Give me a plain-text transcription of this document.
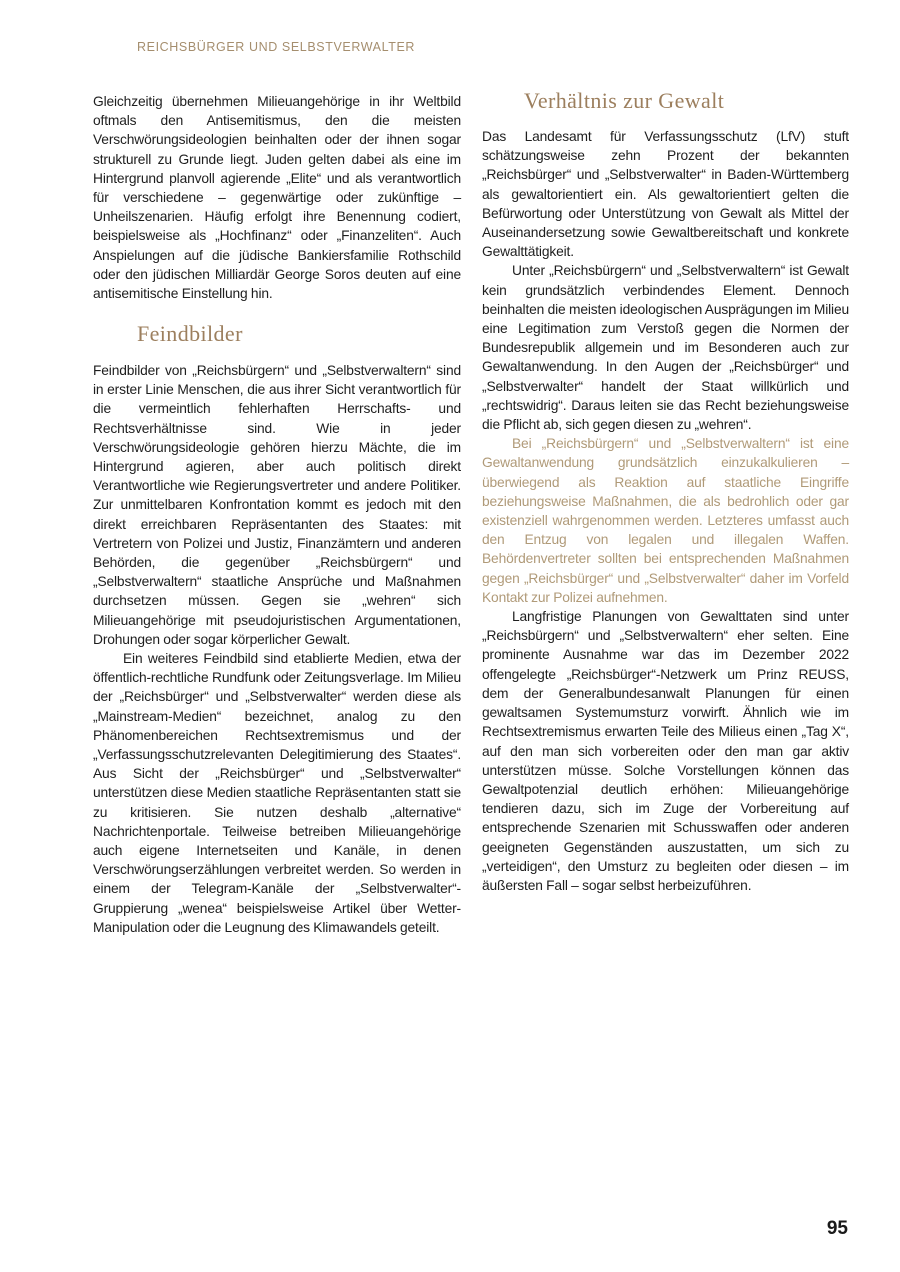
REICHSBÜRGER UND SELBSTVERWALTER

Gleichzeitig übernehmen Milieuangehörige in ihr Weltbild oftmals den Antisemitismus, den die meisten Verschwörungsideologien beinhalten oder der ihnen sogar strukturell zu Grunde liegt. Juden gelten dabei als eine im Hintergrund planvoll agierende „Elite“ und als verantwortlich für verschiedene – gegenwärtige oder zukünftige – Unheilszenarien. Häufig erfolgt ihre Benennung codiert, beispielsweise als „Hochfinanz“ oder „Finanzeliten“. Auch Anspielungen auf die jüdische Bankiersfamilie Rothschild oder den jüdischen Milliardär George Soros deuten auf eine antisemitische Einstellung hin.

Feindbilder

Feindbilder von „Reichsbürgern“ und „Selbstverwaltern“ sind in erster Linie Menschen, die aus ihrer Sicht verantwortlich für die vermeintlich fehlerhaften Herrschafts- und Rechtsverhältnisse sind. Wie in jeder Verschwörungsideologie gehören hierzu Mächte, die im Hintergrund agieren, aber auch politisch direkt Verantwortliche wie Regierungsvertreter und andere Politiker. Zur unmittelbaren Konfrontation kommt es jedoch mit den direkt erreichbaren Repräsentanten des Staates: mit Vertretern von Polizei und Justiz, Finanzämtern und anderen Behörden, die gegenüber „Reichsbürgern“ und „Selbstverwaltern“ staatliche Ansprüche und Maßnahmen durchsetzen müssen. Gegen sie „wehren“ sich Milieuangehörige mit pseudojuristischen Argumentationen, Drohungen oder sogar körperlicher Gewalt.

Ein weiteres Feindbild sind etablierte Medien, etwa der öffentlich-rechtliche Rundfunk oder Zeitungsverlage. Im Milieu der „Reichsbürger“ und „Selbstverwalter“ werden diese als „Mainstream-Medien“ bezeichnet, analog zu den Phänomenbereichen Rechtsextremismus und der „Verfassungsschutzrelevanten Delegitimierung des Staates“. Aus Sicht der „Reichsbürger“ und „Selbstverwalter“ unterstützen diese Medien staatliche Repräsentanten statt sie zu kritisieren. Sie nutzen deshalb „alternative“ Nachrichtenportale. Teilweise betreiben Milieuangehörige auch eigene Internetseiten und Kanäle, in denen Verschwörungserzählungen verbreitet werden. So werden in einem der Telegram-Kanäle der „Selbstverwalter“-Gruppierung „wenea“ beispielsweise Artikel über Wetter-Manipulation oder die Leugnung des Klimawandels geteilt.

Verhältnis zur Gewalt

Das Landesamt für Verfassungsschutz (LfV) stuft schätzungsweise zehn Prozent der bekannten „Reichsbürger“ und „Selbstverwalter“ in Baden-Württemberg als gewaltorientiert ein. Als gewaltorientiert gelten die Befürwortung oder Unterstützung von Gewalt als Mittel der Auseinandersetzung sowie Gewaltbereitschaft und konkrete Gewalttätigkeit.

Unter „Reichsbürgern“ und „Selbstverwaltern“ ist Gewalt kein grundsätzlich verbindendes Element. Dennoch beinhalten die meisten ideologischen Ausprägungen im Milieu eine Legitimation zum Verstoß gegen die Normen der Bundesrepublik allgemein und im Besonderen auch zur Gewaltanwendung. In den Augen der „Reichsbürger“ und „Selbstverwalter“ handelt der Staat willkürlich und „rechtswidrig“. Daraus leiten sie das Recht beziehungsweise die Pflicht ab, sich gegen diesen zu „wehren“.

Bei „Reichsbürgern“ und „Selbstverwaltern“ ist eine Gewaltanwendung grundsätzlich einzukalkulieren – überwiegend als Reaktion auf staatliche Eingriffe beziehungsweise Maßnahmen, die als bedrohlich oder gar existenziell wahrgenommen werden. Letzteres umfasst auch den Entzug von legalen und illegalen Waffen. Behördenvertreter sollten bei entsprechenden Maßnahmen gegen „Reichsbürger“ und „Selbstverwalter“ daher im Vorfeld Kontakt zur Polizei aufnehmen.

Langfristige Planungen von Gewalttaten sind unter „Reichsbürgern“ und „Selbstverwaltern“ eher selten. Eine prominente Ausnahme war das im Dezember 2022 offengelegte „Reichsbürger“-Netzwerk um Prinz REUSS, dem der Generalbundesanwalt Planungen für einen gewaltsamen Systemumsturz vorwirft. Ähnlich wie im Rechtsextremismus erwarten Teile des Milieus einen „Tag X“, auf den man sich vorbereiten oder den man gar aktiv unterstützen müsse. Solche Vorstellungen können das Gewaltpotenzial deutlich erhöhen: Milieuangehörige tendieren dazu, sich im Zuge der Vorbereitung auf entsprechende Szenarien mit Schusswaffen oder anderen geeigneten Gegenständen auszustatten, um sich zu „verteidigen“, den Umsturz zu begleiten oder diesen – im äußersten Fall – sogar selbst herbeizuführen.

95
